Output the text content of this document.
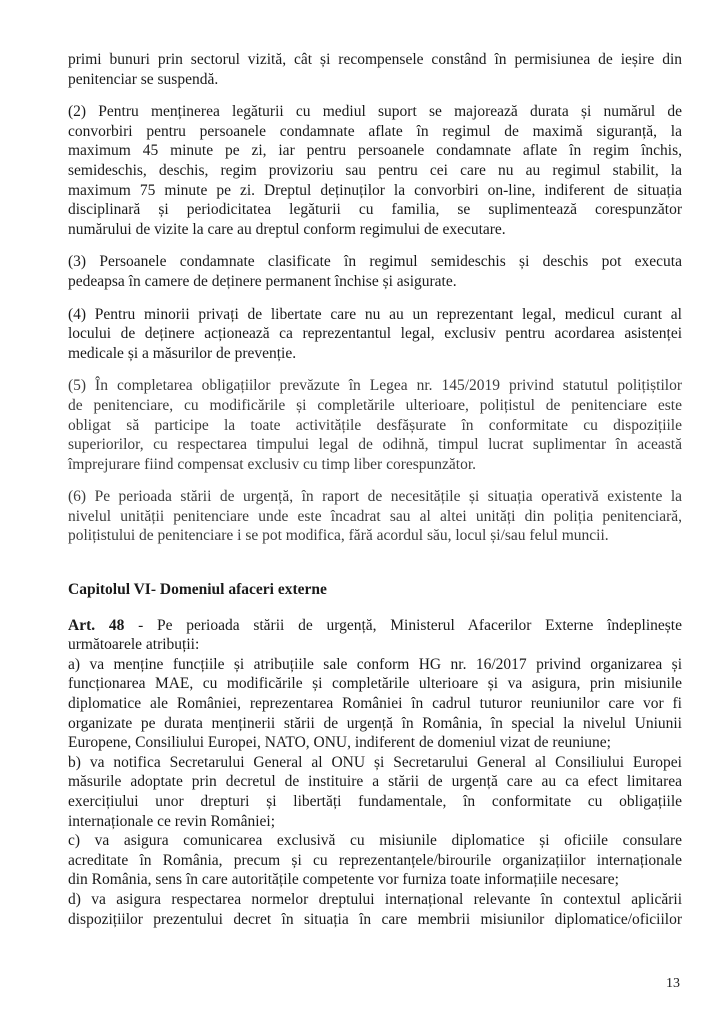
primi bunuri prin sectorul vizită, cât și recompensele constând în permisiunea de ieșire din
penitenciar se suspendă.

(2) Pentru menținerea legăturii cu mediul suport se majorează durata și numărul de
convorbiri pentru persoanele condamnate aflate în regimul de maximă siguranță, la
maximum 45 minute pe zi, iar pentru persoanele condamnate aflate în regim închis,
semideschis, deschis, regim provizoriu sau pentru cei care nu au regimul stabilit, la
maximum 75 minute pe zi. Dreptul deținuților la convorbiri on-line, indiferent de situația
disciplinară și periodicitatea legăturii cu familia, se suplimentează corespunzător
numărului de vizite la care au dreptul conform regimului de executare.

(3) Persoanele condamnate clasificate în regimul semideschis și deschis pot executa
pedeapsa în camere de deținere permanent închise și asigurate.

(4) Pentru minorii privați de libertate care nu au un reprezentant legal, medicul curant al
locului de deținere acționează ca reprezentantul legal, exclusiv pentru acordarea asistenței
medicale și a măsurilor de prevenție.

(5) În completarea obligațiilor prevăzute în Legea nr. 145/2019 privind statutul polițiștilor
de penitenciare, cu modificările și completările ulterioare, polițistul de penitenciare este
obligat să participe la toate activitățile desfășurate în conformitate cu dispozițiile
superiorilor, cu respectarea timpului legal de odihnă, timpul lucrat suplimentar în această
împrejurare fiind compensat exclusiv cu timp liber corespunzător.

(6) Pe perioada stării de urgență, în raport de necesitățile și situația operativă existente la
nivelul unității penitenciare unde este încadrat sau al altei unități din poliția penitenciară,
polițistului de penitenciare i se pot modifica, fără acordul său, locul și/sau felul muncii.

Capitolul VI- Domeniul afaceri externe

Art. 48 - Pe perioada stării de urgență, Ministerul Afacerilor Externe îndeplinește
următoarele atribuții:
a) va menține funcțiile și atribuțiile sale conform HG nr. 16/2017 privind organizarea și
funcționarea MAE, cu modificările și completările ulterioare și va asigura, prin misiunile
diplomatice ale României, reprezentarea României în cadrul tuturor reuniunilor care vor fi
organizate pe durata menținerii stării de urgență în România, în special la nivelul Uniunii
Europene, Consiliului Europei, NATO, ONU, indiferent de domeniul vizat de reuniune;
b) va notifica Secretarului General al ONU și Secretarului General al Consiliului Europei
măsurile adoptate prin decretul de instituire a stării de urgență care au ca efect limitarea
exercițiului unor drepturi și libertăți fundamentale, în conformitate cu obligațiile
internaționale ce revin României;
c) va asigura comunicarea exclusivă cu misiunile diplomatice și oficiile consulare
acreditate în România, precum și cu reprezentanțele/birourile organizațiilor internaționale
din România, sens în care autoritățile competente vor furniza toate informațiile necesare;
d) va asigura respectarea normelor dreptului internațional relevante în contextul aplicării
dispozițiilor prezentului decret în situația în care membrii misiunilor diplomatice/oficiilor

13
